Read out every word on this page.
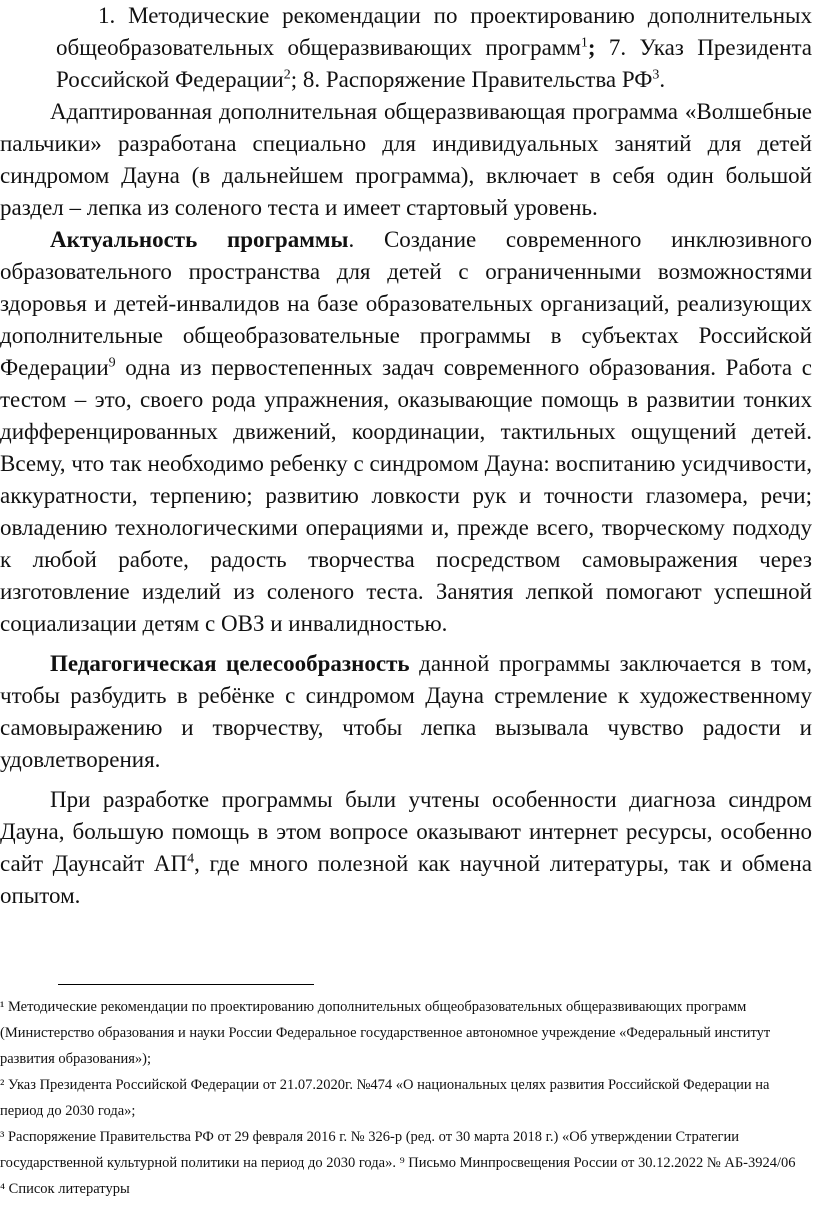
1. Методические рекомендации по проектированию дополнительных общеобразовательных общеразвивающих программ$^1$; 7. Указ Президента Российской Федерации$^2$; 8. Распоряжение Правительства $РФ^3$.

Адаптированная дополнительная общеразвивающая программа «Волшебные пальчики» разработана специально для индивидуальных занятий для детей синдромом Дауна (в дальнейшем программа), включает в себя один большой раздел – лепка из соленого теста и имеет стартовый уровень.

Актуальность программы. Создание современного инклюзивного образовательного пространства для детей с ограниченными возможностями здоровья и детей-инвалидов на базе образовательных организаций, реализующих дополнительные общеобразовательные программы в субъектах Российской Федерации$^9$ одна из первостепенных задач современного образования. Работа с тестом – это, своего рода упражнения, оказывающие помощь в развитии тонких дифференцированных движений, координации, тактильных ощущений детей. Всему, что так необходимо ребенку с синдромом Дауна: воспитанию усидчивости, аккуратности, терпению; развитию ловкости рук и точности глазомера, речи; овладению технологическими операциями и, прежде всего, творческому подходу к любой работе, радость творчества посредством самовыражения через изготовление изделий из соленого теста. Занятия лепкой помогают успешной социализации детям с ОВЗ и инвалидностью.

Педагогическая целесообразность данной программы заключается в том, чтобы разбудить в ребёнке с синдромом Дауна стремление к художественному самовыражению и творчеству, чтобы лепка вызывала чувство радости и удовлетворения.

При разработке программы были учтены особенности диагноза синдром Дауна, большую помощь в этом вопросе оказывают интернет ресурсы, особенно сайт Даунсайт $АП^4$, где много полезной как научной литературы, так и обмена опытом.

¹ Методические рекомендации по проектированию дополнительных общеобразовательных общеразвивающих программ (Министерство образования и науки России Федеральное государственное автономное учреждение «Федеральный институт развития образования»);

² Указ Президента Российской Федерации от 21.07.2020г. №474 «О национальных целях развития Российской Федерации на период до 2030 года»;

³ Распоряжение Правительства РФ от 29 февраля 2016 г. № 326-р (ред. от 30 марта 2018 г.) «Об утверждении Стратегии государственной культурной политики на период до 2030 года». ⁹ Письмо Минпросвещения России от 30.12.2022 № АБ-3924/06

⁴ Список литературы
